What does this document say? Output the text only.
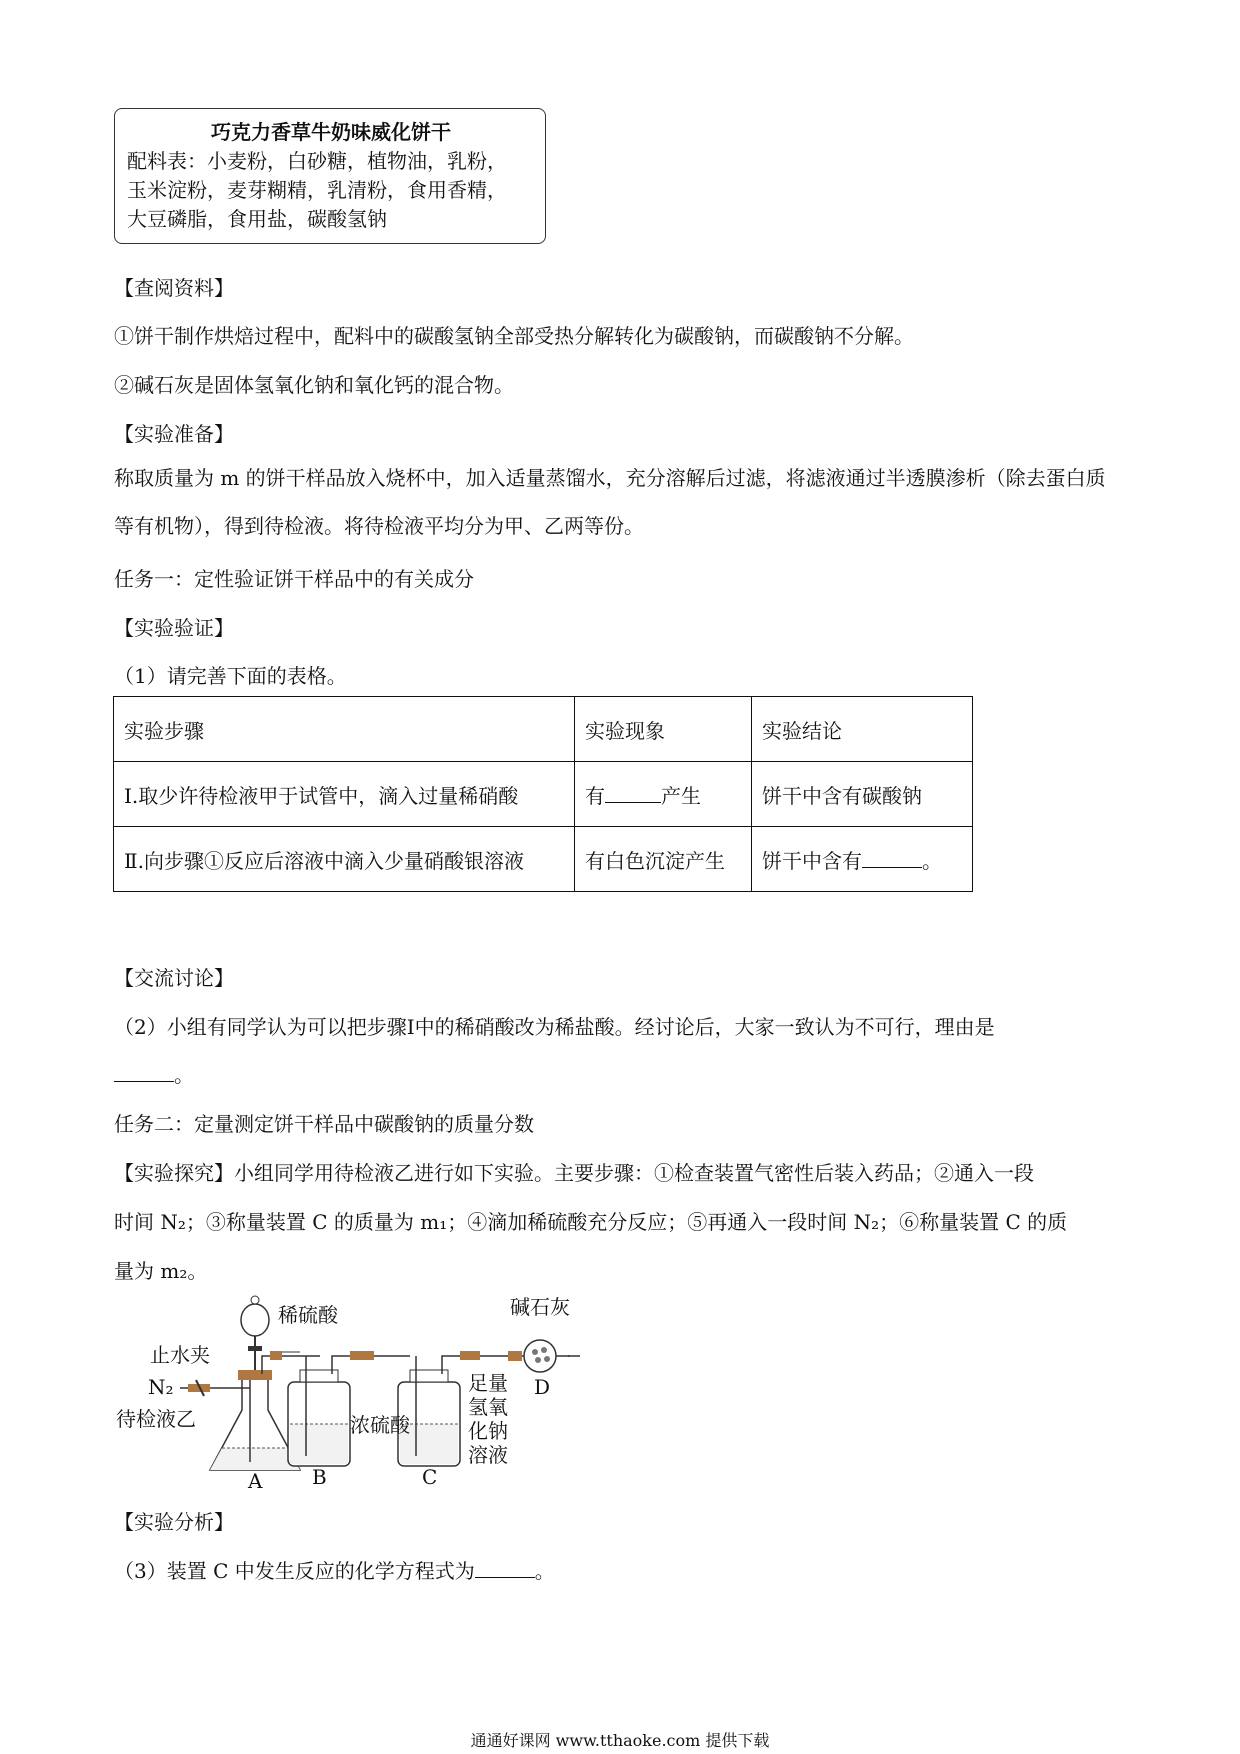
巧克力香草牛奶味威化饼干
配料表：小麦粉，白砂糖，植物油，乳粉，
玉米淀粉，麦芽糊精，乳清粉，食用香精，
大豆磷脂，食用盐，碳酸氢钠
【查阅资料】
①饼干制作烘焙过程中，配料中的碳酸氢钠全部受热分解转化为碳酸钠，而碳酸钠不分解。
②碱石灰是固体氢氧化钠和氧化钙的混合物。
【实验准备】
称取质量为 m 的饼干样品放入烧杯中，加入适量蒸馏水，充分溶解后过滤，将滤液通过半透膜渗析（除去蛋白质等有机物），得到待检液。将待检液平均分为甲、乙两等份。
任务一：定性验证饼干样品中的有关成分
【实验验证】
（1）请完善下面的表格。
实验步骤	实验现象	实验结论
Ⅰ.取少许待检液甲于试管中，滴入过量稀硝酸	有 产生	饼干中含有碳酸钠
Ⅱ.向步骤①反应后溶液中滴入少量硝酸银溶液	有白色沉淀产生	饼干中含有 。
【交流讨论】
（2）小组有同学认为可以把步骤Ⅰ中的稀硝酸改为稀盐酸。经讨论后，大家一致认为不可行，理由是
。
任务二：定量测定饼干样品中碳酸钠的质量分数
【实验探究】小组同学用待检液乙进行如下实验。主要步骤：①检查装置气密性后装入药品；②通入一段
时间 N₂；③称量装置 C 的质量为 m₁；④滴加稀硫酸充分反应；⑤再通入一段时间 N₂；⑥称量装置 C 的质
量为 m₂。
稀硫酸
止水夹
N₂
待检液乙	浓硫酸
足量
氢氧
化钠
溶液
碱石灰
A B	C
D
【实验分析】
（3）装置 C 中发生反应的化学方程式为	。
通通好课网 www.tthaoke.com 提供下载
